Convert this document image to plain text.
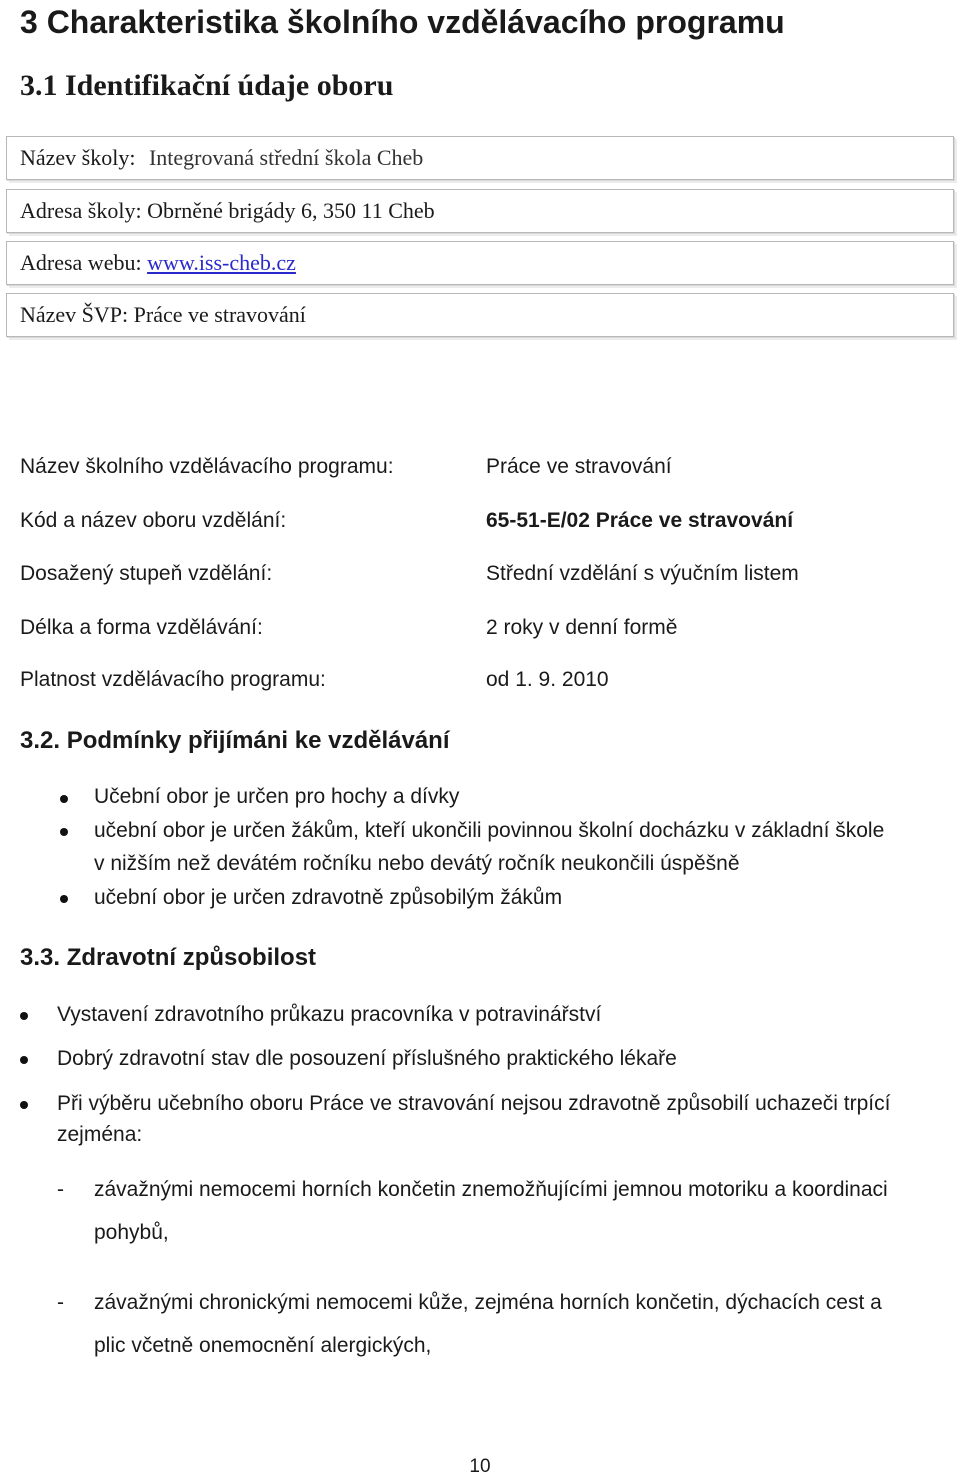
3 Charakteristika školního vzdělávacího programu
3.1 Identifikační údaje oboru
Název školy: Integrovaná střední škola Cheb
Adresa školy: Obrněné brigády 6, 350 11 Cheb
Adresa webu: www.iss-cheb.cz
Název ŠVP: Práce ve stravování
Název školního vzdělávacího programu:	Práce ve stravování
Kód a název oboru vzdělání:	65-51-E/02 Práce ve stravování
Dosažený stupeň vzdělání:	Střední vzdělání s výučním listem
Délka a forma vzdělávání:	2 roky v denní formě
Platnost vzdělávacího programu:	od 1. 9. 2010
3.2. Podmínky přijímáni ke vzdělávání
Učební obor je určen pro hochy a dívky
učební obor je určen žákům, kteří ukončili povinnou školní docházku v základní škole
v nižším než devátém ročníku nebo devátý ročník neukončili úspěšně
učební obor je určen zdravotně způsobilým žákům
3.3. Zdravotní způsobilost
Vystavení zdravotního průkazu pracovníka v potravinářství
Dobrý zdravotní stav dle posouzení příslušného praktického lékaře
Při výběru učebního oboru Práce ve stravování nejsou zdravotně způsobilí uchazeči trpící
zejména:
- závažnými nemocemi horních končetin znemožňujícími jemnou motoriku a koordinaci
pohybů,
- závažnými chronickými nemocemi kůže, zejména horních končetin, dýchacích cest a
plic včetně onemocnění alergických,
10
